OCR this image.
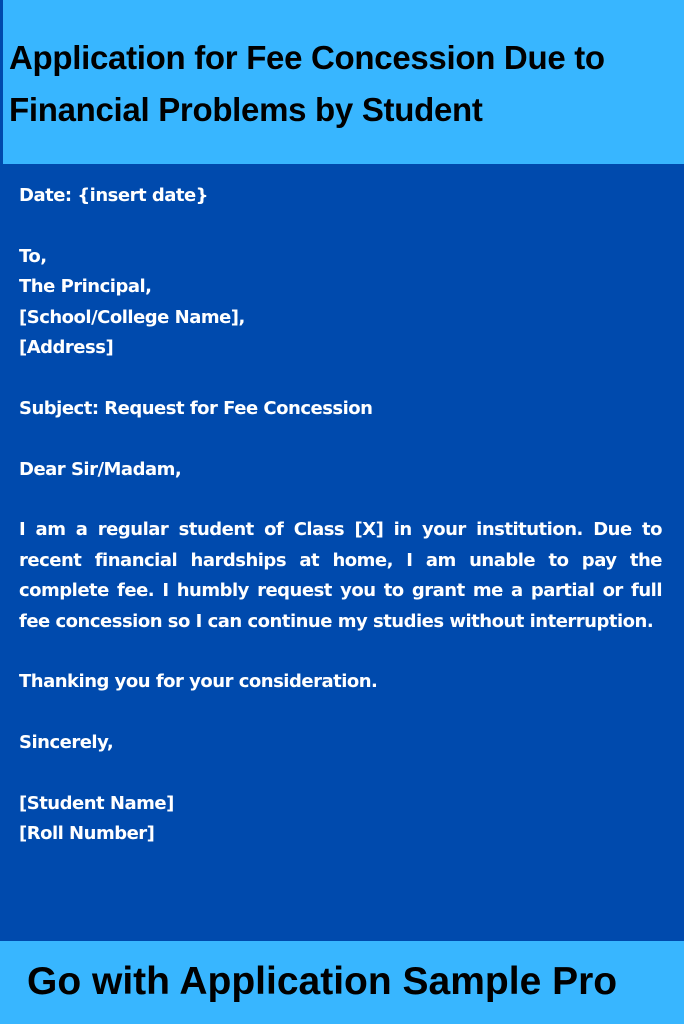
Application for Fee Concession Due to
Financial Problems by Student

Date: {insert date}

To,

The Principal,

[School/College Name],

[Address]

Subject: Request for Fee Concession

Dear Sir/Madam,

I am a regular student of Class [X] in your institution. Due to recent financial hardships at home, I am unable to pay the complete fee. I humbly request you to grant me a partial or full fee concession so I can continue my studies without interruption.

Thanking you for your consideration.

Sincerely,

[Student Name]

[Roll Number]

Go with Application Sample Pro
